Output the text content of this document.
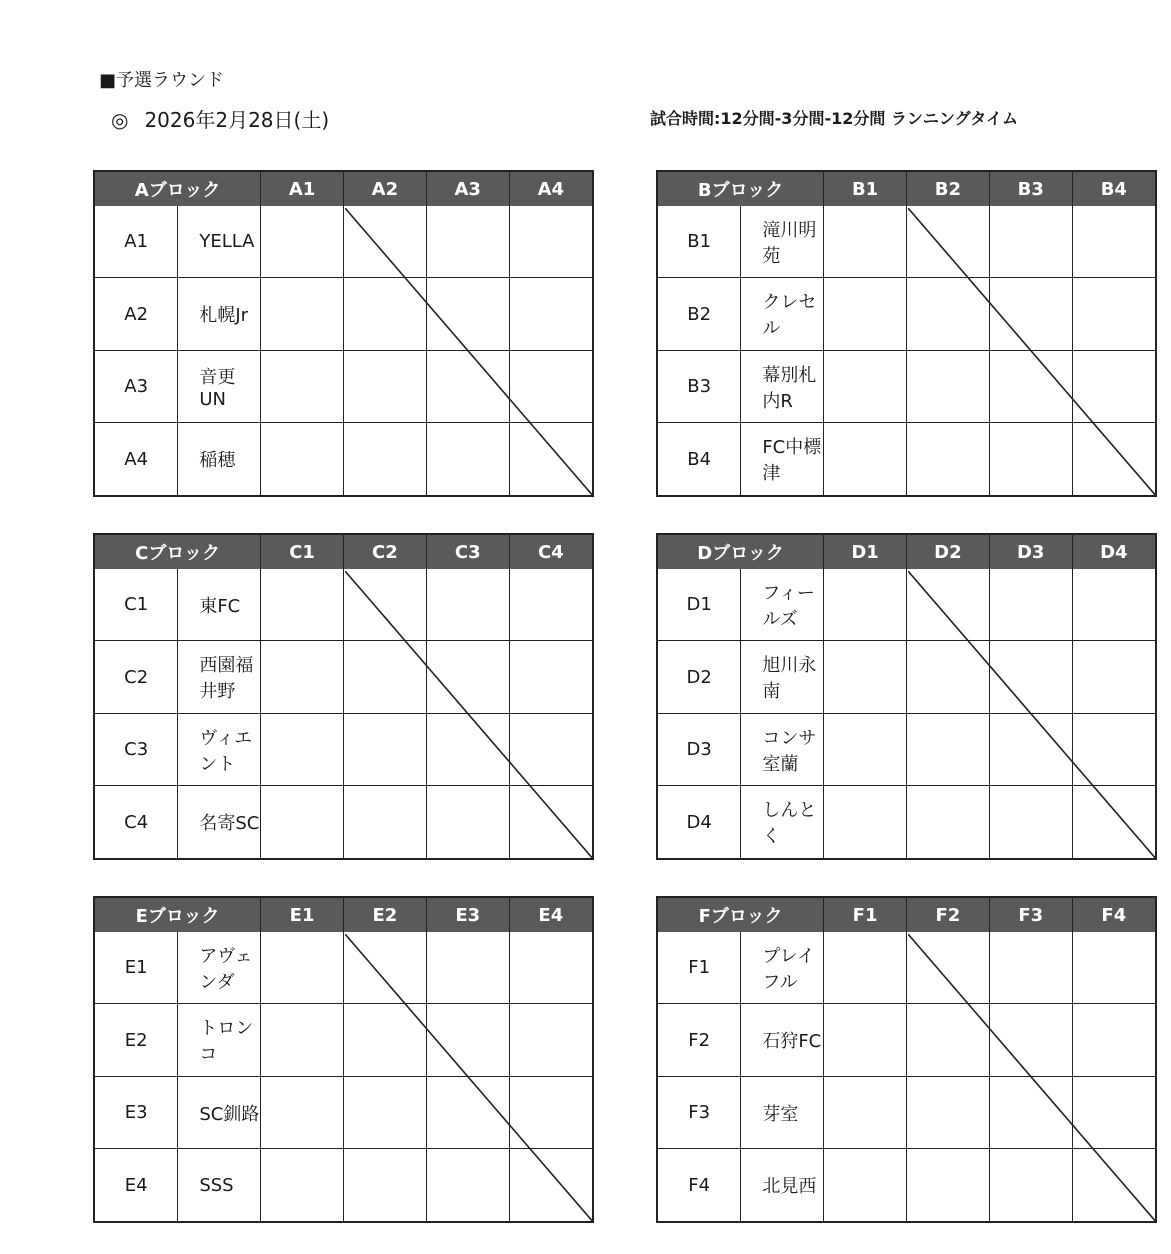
■予選ラウンド
◎ 2026年2月28日(土)	試合時間:12分間-3分間-12分間 ランニングタイム
Aブロック		A1	A2	A3	A4
A1	YELLA				
A2	札幌Jr				
A3	音更UN				
A4	稲穂				
Bブロック		B1	B2	B3	B4
B1	滝川明苑				
B2	クレセル				
B3	幕別札内R				
B4	FC中標津				
Cブロック		C1	C2	C3	C4
C1	東FC				
C2	西園福井野				
C3	ヴィエント				
C4	名寄SC				
Dブロック		D1	D2	D3	D4
D1	フィールズ				
D2	旭川永南				
D3	コンサ室蘭				
D4	しんとく				
Eブロック		E1	E2	E3	E4
E1	アヴェンダ				
E2	トロンコ				
E3	SC釧路				
E4	SSS				
Fブロック		F1	F2	F3	F4
F1	プレイフル				
F2	石狩FC				
F3	芽室				
F4	北見西				
